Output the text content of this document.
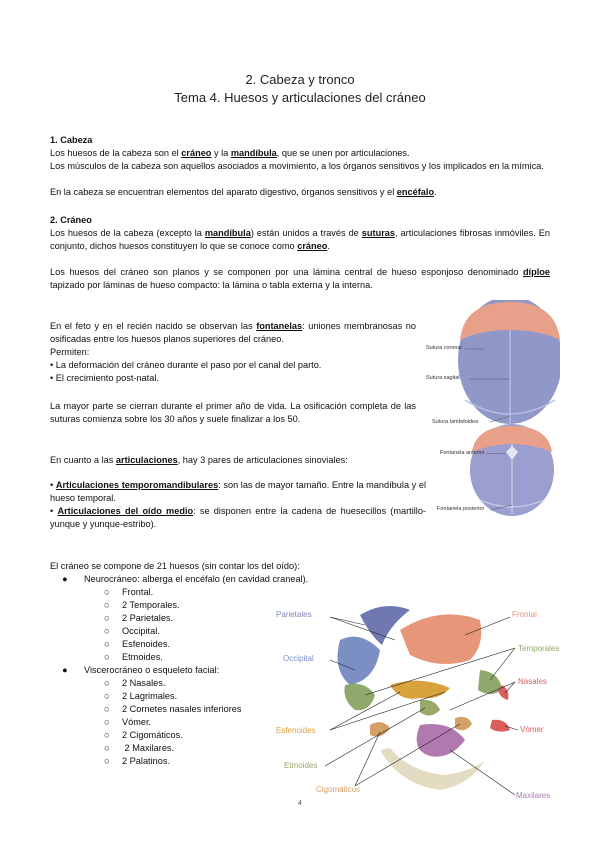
2. Cabeza y tronco
Tema 4. Huesos y articulaciones del cráneo
1. Cabeza
Los huesos de la cabeza son el cráneo y la mandíbula, que se unen por articulaciones.
Los músculos de la cabeza son aquellos asociados a movimiento, a los órganos sensitivos y los implicados en la mímica.
En la cabeza se encuentran elementos del aparato digestivo, órganos sensitivos y el encéfalo.
2. Cráneo
Los huesos de la cabeza (excepto la mandíbula) están unidos a través de suturas, articulaciones fibrosas inmóviles. En conjunto, dichos huesos constituyen lo que se conoce como cráneo.
Los huesos del cráneo son planos y se componen por una lámina central de hueso esponjoso denominado díploe tapizado por láminas de hueso compacto: la lámina o tabla externa y la interna.
En el feto y en el recién nacido se observan las fontanelas: uniones membranosas no osificadas entre los huesos planos superiores del cráneo.
Permiten:
• La deformación del cráneo durante el paso por el canal del parto.
• El crecimiento post-natal.
La mayor parte se cierran durante el primer año de vida. La osificación completa de las suturas comienza sobre los 30 años y suele finalizar a los 50.
En cuanto a las articulaciones, hay 3 pares de articulaciones sinoviales:
• Articulaciones temporomandibulares: son las de mayor tamaño. Entre la mandíbula y el hueso temporal.
• Articulaciones del oído medio: se disponen entre la cadena de huesecillos (martillo-yunque y yunque-estribo).
El cráneo se compone de 21 huesos (sin contar los del oído):
● Neurocráneo: alberga el encéfalo (en cavidad craneal).
○ Frontal.
○ 2 Temporales.
○ 2 Parietales.
○ Occipital.
○ Esfenoides.
○ Etmoides.
● Viscerocráneo o esqueleto facial:
○ 2 Nasales.
○ 2 Lagrimales.
○ 2 Cornetes nasales inferiores
○ Vómer.
○ 2 Cigomáticos.
○ 2 Maxilares.
○ 2 Palatinos.
Sutura coronal
Sutura sagital
Sutura lambdoidea
Fontanela anterior
Fontanela posterior
Parietales
Occipital
Esfenoides
Etmoides
Cigomáticos
Frontal
Temporales
Nasales
Vómer
Maxilares
4
